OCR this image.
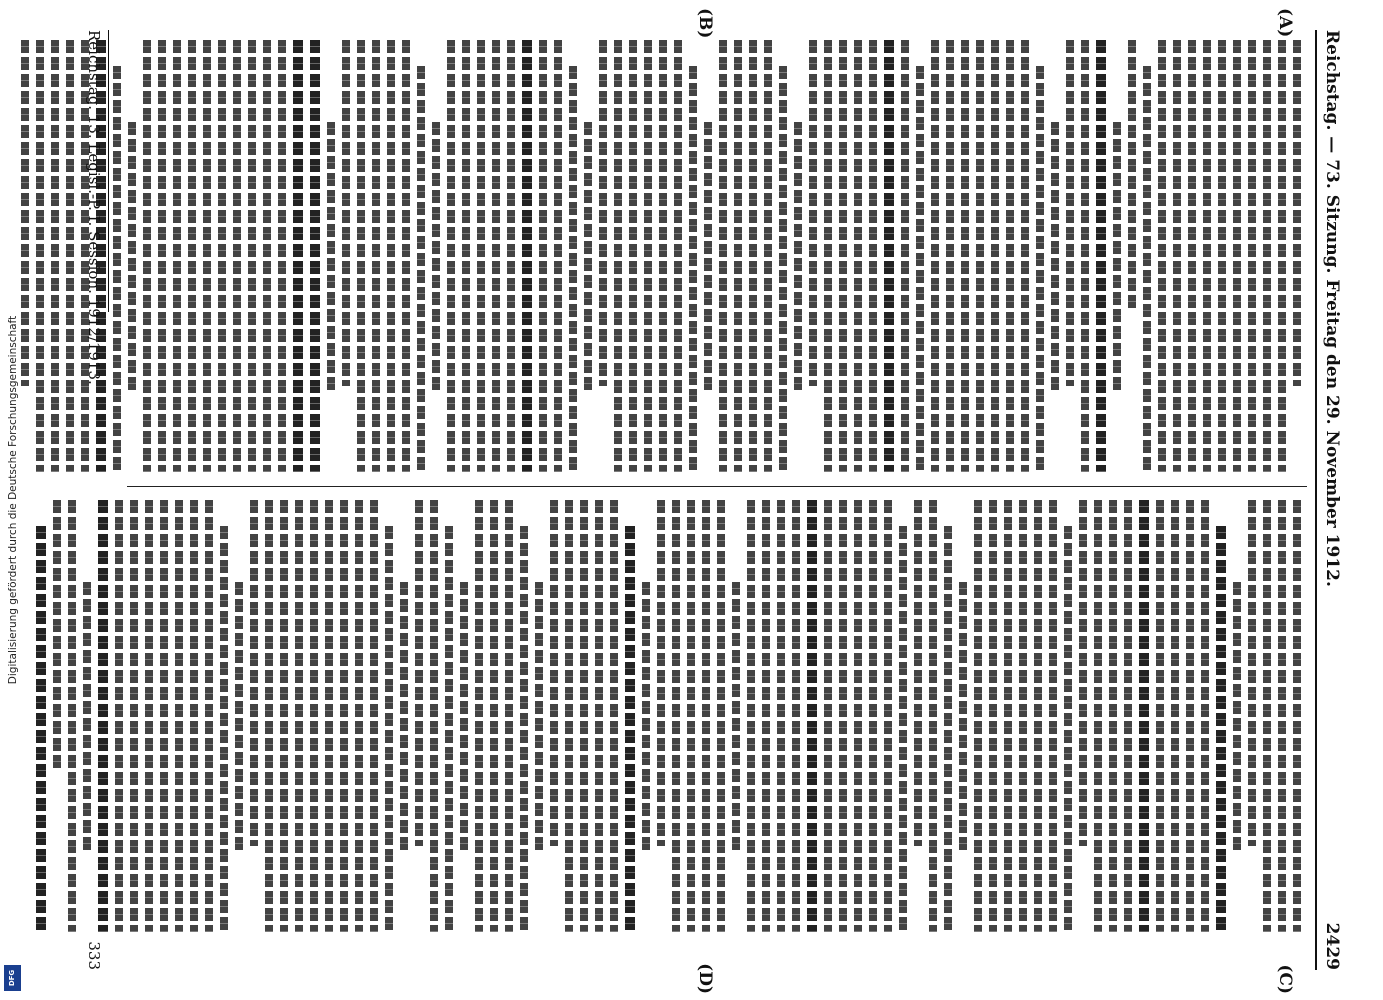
Reichstag. — 73. Sitzung. Freitag den 29. November 1912.
2429
(A)
(B)
(C)
(D)
Reichstag. 13. Legisl.-P. I. Session. 1912/1913.
333
Digitalisierung gefördert durch die Deutsche Forschungsgemeinschaft
DFG
